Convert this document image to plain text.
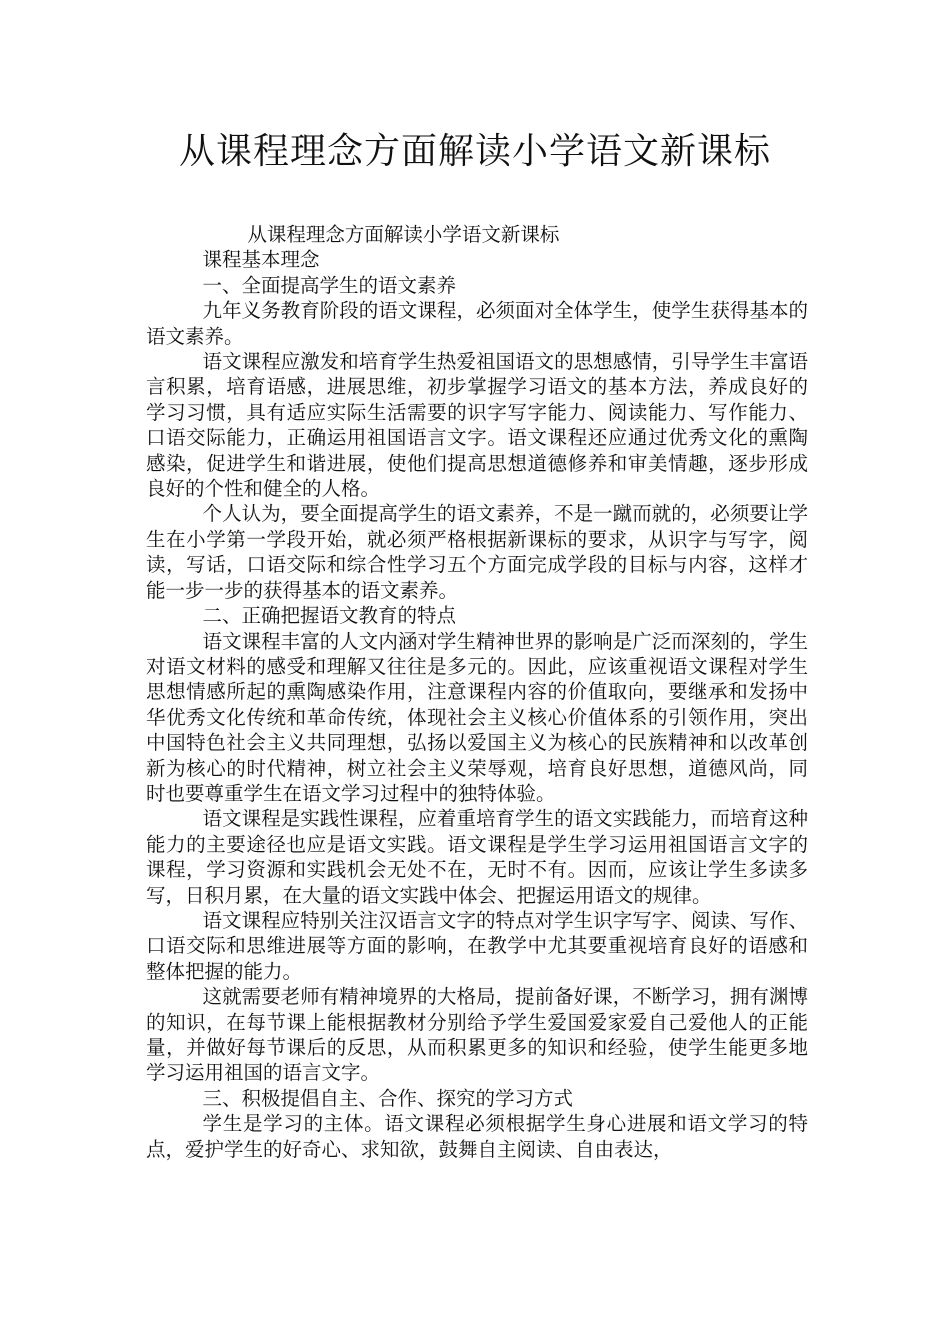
从课程理念方面解读小学语文新课标

从课程理念方面解读小学语文新课标

课程基本理念

一、全面提高学生的语文素养

九年义务教育阶段的语文课程，必须面对全体学生，使学生获得基本的语文素养。

语文课程应激发和培育学生热爱祖国语文的思想感情，引导学生丰富语言积累，培育语感，进展思维，初步掌握学习语文的基本方法，养成良好的学习习惯，具有适应实际生活需要的识字写字能力、阅读能力、写作能力、口语交际能力，正确运用祖国语言文字。语文课程还应通过优秀文化的熏陶感染，促进学生和谐进展，使他们提高思想道德修养和审美情趣，逐步形成良好的个性和健全的人格。

个人认为，要全面提高学生的语文素养，不是一蹴而就的，必须要让学生在小学第一学段开始，就必须严格根据新课标的要求，从识字与写字，阅读，写话，口语交际和综合性学习五个方面完成学段的目标与内容，这样才能一步一步的获得基本的语文素养。

二、正确把握语文教育的特点

语文课程丰富的人文内涵对学生精神世界的影响是广泛而深刻的，学生对语文材料的感受和理解又往往是多元的。因此，应该重视语文课程对学生思想情感所起的熏陶感染作用，注意课程内容的价值取向，要继承和发扬中华优秀文化传统和革命传统，体现社会主义核心价值体系的引领作用，突出中国特色社会主义共同理想，弘扬以爱国主义为核心的民族精神和以改革创新为核心的时代精神，树立社会主义荣辱观，培育良好思想，道德风尚，同时也要尊重学生在语文学习过程中的独特体验。

语文课程是实践性课程，应着重培育学生的语文实践能力，而培育这种能力的主要途径也应是语文实践。语文课程是学生学习运用祖国语言文字的课程，学习资源和实践机会无处不在，无时不有。因而，应该让学生多读多写，日积月累，在大量的语文实践中体会、把握运用语文的规律。

语文课程应特别关注汉语言文字的特点对学生识字写字、阅读、写作、口语交际和思维进展等方面的影响，在教学中尤其要重视培育良好的语感和整体把握的能力。

这就需要老师有精神境界的大格局，提前备好课，不断学习，拥有渊博的知识，在每节课上能根据教材分别给予学生爱国爱家爱自己爱他人的正能量，并做好每节课后的反思，从而积累更多的知识和经验，使学生能更多地学习运用祖国的语言文字。

三、积极提倡自主、合作、探究的学习方式

学生是学习的主体。语文课程必须根据学生身心进展和语文学习的特点，爱护学生的好奇心、求知欲，鼓舞自主阅读、自由表达，
